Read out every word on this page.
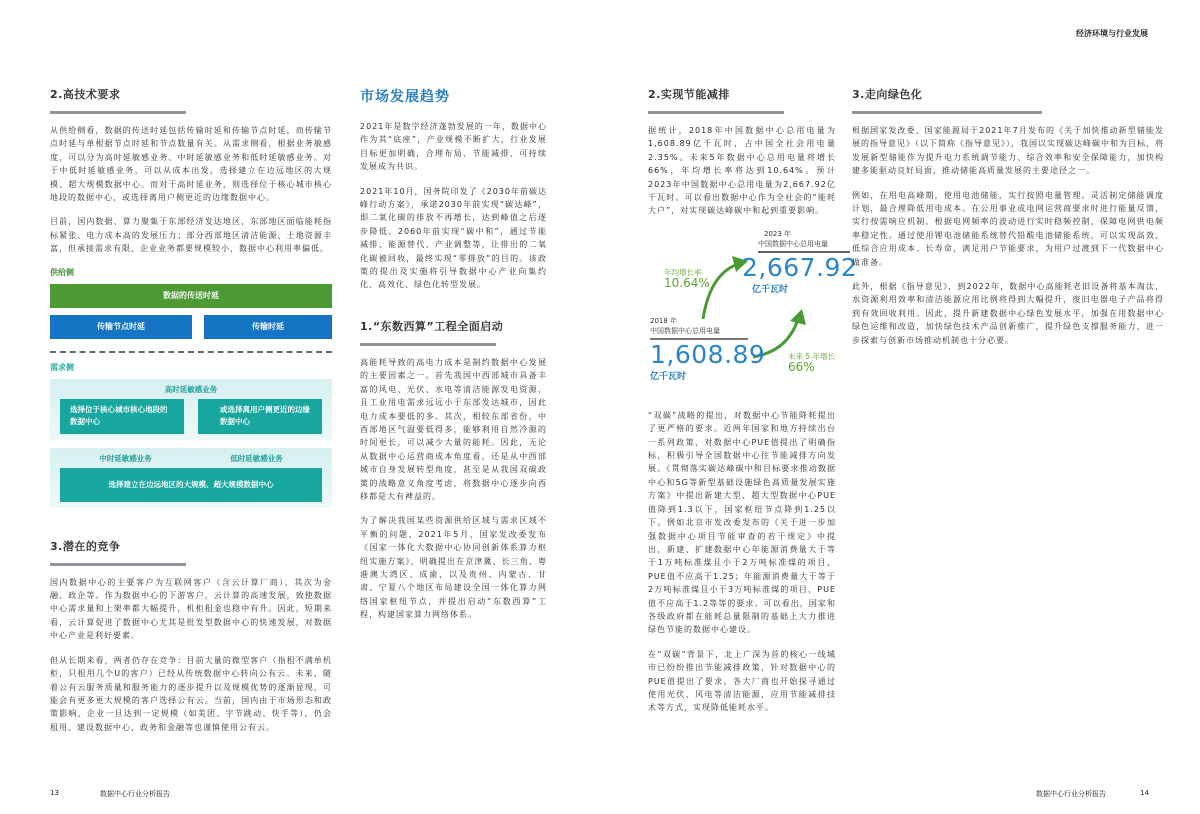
2.高技术要求

从供给侧看，数据的传送时延包括传输时延和传输节点时延，而传输节点时延与单根据节点时延和节点数量有关。从需求侧看，根据业务敏感度，可以分为高时延敏感业务、中时延敏感业务和低时延敏感业务。对于中低时延敏感业务，可以从成本出发，选择建立在边远地区的大规模、超大规模数据中心。而对于高时延业务，则选择位于核心城市核心地段的数据中心，或选择离用户侧更近的边缘数据中心。

目前，国内数据、算力聚集于东部经济发达地区，东部地区面临能耗指标紧张、电力成本高的发展压力；部分西部地区清洁能源、土地资源丰富，但承接需求有限，企业业务都要规模较小，数据中心利用率偏低。

供给侧
数据的传送时延
传输节点时延	传输时延
需求侧
高时延敏感业务
选择位于核心城市核心地段的数据中心
或选择离用户侧更近的边缘数据中心
中时延敏感业务	低时延敏感业务
选择建立在边远地区的大规模、超大规模数据中心
3.潜在的竞争

国内数据中心的主要客户为互联网客户（含云计算厂商），其次为金融、政企等。作为数据中心的下游客户，云计算的高速发展，致使数据中心需求量和上架率都大幅提升，机柜租金也稳中有升。因此，短期来看，云计算促进了数据中心尤其是批发型数据中心的快速发展，对数据中心产业是利好要素。

但从长期来看，两者仍存在竞争：目前大量的微型客户（指租不满单机柜，只租用几个U的客户）已经从传统数据中心转向公有云。未来，随着公有云服务质量和服务能力的逐步提升以及规模优势的逐渐显现，可能会有更多更大规模的客户选择公有云。当前，国内由于市场形态和政策影响，企业一旦达到一定规模（如美团、字节跳动、快手等），仍会租用、建设数据中心，政务和金融等也谨慎使用公有云。

市场发展趋势

2021年是数字经济蓬勃发展的一年，数据中心作为其“底座”，产业规模不断扩大，行业发展目标更加明确，合理布局、节能减排、可持续发展成为共识。

2021年10月，国务院印发了《2030年前碳达峰行动方案》，承诺2030年前实现“碳达峰”，即二氧化碳的排放不再增长，达到峰值之后逐步降低。2060年前实现“碳中和”，通过节能减排、能源替代、产业调整等，让排出的二氧化碳被回收，最终实现“零排放”的目的。该政策的提出及实施将引导数据中心产业向集约化、高效化、绿色化转型发展。

1.“东数西算”工程全面启动

高能耗导致的高电力成本是制约数据中心发展的主要因素之一。首先我国中西部城市具备丰富的风电、光伏、水电等清洁能源发电资源，且工业用电需求远远小于东部发达城市，因此电力成本要低的多。其次，相较东部省份，中西部地区气温要低得多，能够利用自然冷源的时间更长，可以减少大量的能耗。因此，无论从数据中心运营商成本角度看，还是从中西部城市自身发展转型角度，甚至是从我国双碳政策的战略意义角度考虑，将数据中心逐步向西移都是大有裨益的。

为了解决我国某些资源供给区域与需求区域不平衡的问题，2021年5月，国家发改委发布《国家一体化大数据中心协同创新体系算力枢纽实施方案》，明确提出在京津冀、长三角、粤港澳大湾区、成渝，以及贵州、内蒙古、甘肃、宁夏八个地区布局建设全国一体化算力网络国家枢纽节点，并提出启动“东数西算”工程，构建国家算力网络体系。

13	数据中心行业分析报告
经济环境与行业发展
2.实现节能减排

据统计，2018年中国数据中心总用电量为1,608.89亿千瓦时，占中国全社会用电量2.35%。未来5年数据中心总用电量将增长66%，年均增长率将达到10.64%。预计2023年中国数据中心总用电量为2,667.92亿千瓦时。可以看出数据中心作为全社会的“能耗大户”，对实现碳达峰碳中和起到重要影响。

2023 年
中国数据中心总用电量
2,667.92
亿千瓦时
年均增长率
10.64%
2018 年
中国数据中心总用电量
1,608.89
亿千瓦时
未来 5 年增长
66%

“双碳”战略的提出，对数据中心节能降耗提出了更严格的要求。近两年国家和地方持续出台一系列政策，对数据中心PUE值提出了明确指标，积极引导全国数据中心往节能减排方向发展。《贯彻落实碳达峰碳中和目标要求推动数据中心和5G等新型基础设施绿色高质量发展实施方案》中提出新建大型、超大型数据中心PUE值降到1.3以下，国家枢纽节点降到1.25以下。例如北京市发改委发布的《关于进一步加强数据中心项目节能审查的若干规定》中提出，新建、扩建数据中心年能源消费量大于等于1万吨标准煤且小于2万吨标准煤的项目，PUE值不应高于1.25；年能源消费量大于等于2万吨标准煤且小于3万吨标准煤的项目，PUE值不应高于1.2等等的要求。可以看出，国家和各级政府都在能耗总量限制的基础上大力推进绿色节能的数据中心建设。

在“双碳”背景下，北上广深为首的核心一线城市已纷纷推出节能减排政策，针对数据中心的PUE值提出了要求。各大厂商也开始探寻通过使用光伏、风电等清洁能源，应用节能减排技术等方式，实现降低能耗水平。

3.走向绿色化

根据国家发改委、国家能源局于2021年7月发布的《关于加快推动新型储能发展的指导意见》（以下简称《指导意见》），我国以实现碳达峰碳中和为目标，将发展新型储能作为提升电力系统调节能力、综合效率和安全保障能力，加快构建多能驱动良好局面，推动储能高质量发展的主要途径之一。

例如，在用电高峰期，使用电池储能，实行按照电量管理。灵活制定储能调度计划，最合理降低用电成本。在公用事业或电网运营商要求时进行能量反馈，实行按需响应机制。根据电网频率的波动进行实时稳频控制，保障电网供电频率稳定性。通过使用锂电池储能系统替代铅酸电池储能系统，可以实现高效、低综合应用成本、长寿命，满足用户节能要求，为用户过渡到下一代数据中心做准备。

此外，根据《指导意见》，到2022年，数据中心高能耗老旧设备将基本淘汰，水资源利用效率和清洁能源应用比例将得到大幅提升，废旧电器电子产品将得到有效回收利用。因此，提升新建数据中心绿色发展水平，加强在用数据中心绿色运维和改造，加快绿色技术产品创新推广，提升绿色支撑服务能力，进一步探索与创新市场推动机制也十分必要。

数据中心行业分析报告	14
